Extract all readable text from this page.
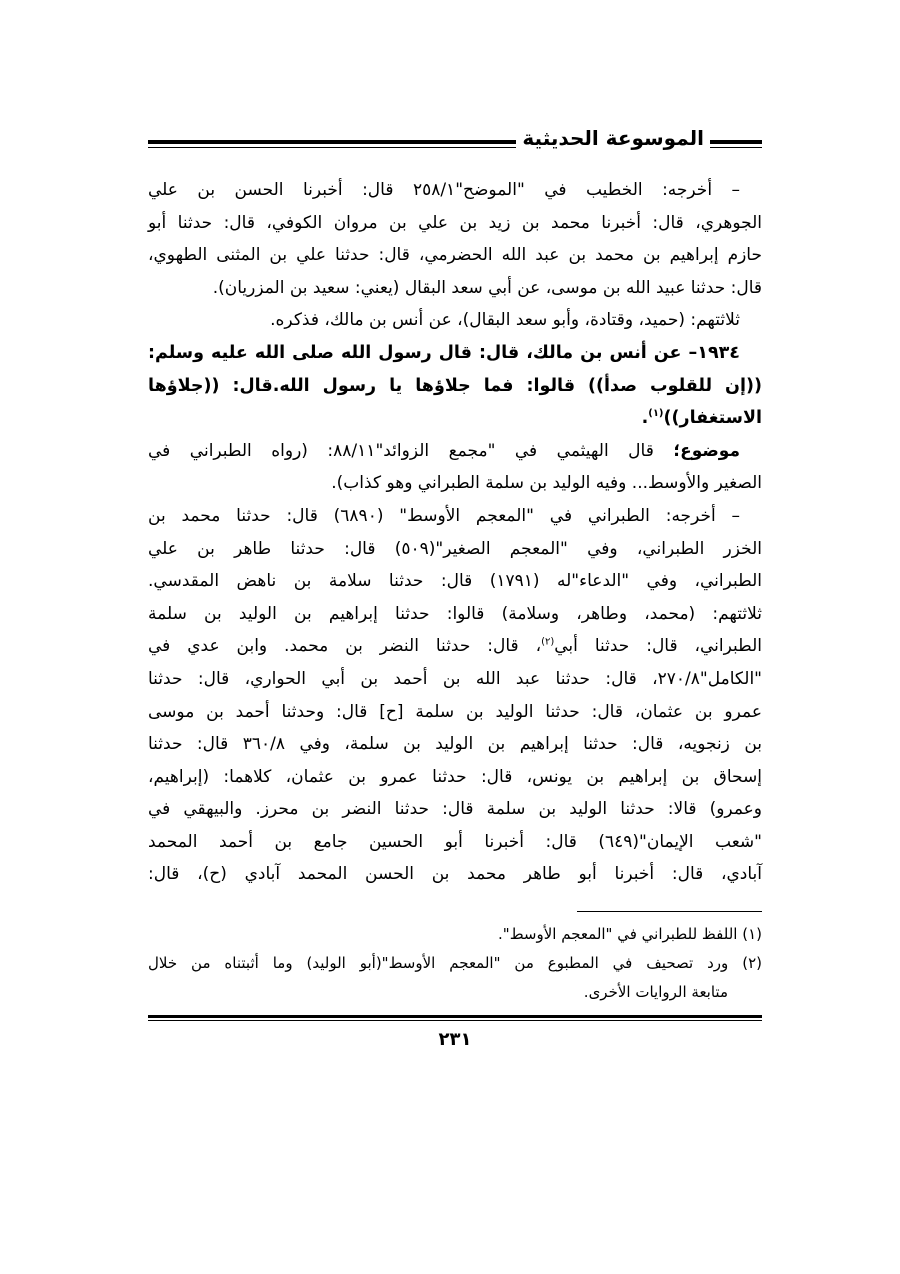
الموسوعة الحديثية
– أخرجه: الخطيب في "الموضح"٢٥٨/١ قال: أخبرنا الحسن بن علي
الجوهري، قال: أخبرنا محمد بن زيد بن علي بن مروان الكوفي، قال: حدثنا أبو
حازم إبراهيم بن محمد بن عبد الله الحضرمي، قال: حدثنا علي بن المثنى الطهوي،
قال: حدثنا عبيد الله بن موسى، عن أبي سعد البقال (يعني: سعيد بن المزريان).
ثلاثتهم: (حميد، وقتادة، وأبو سعد البقال)، عن أنس بن مالك، فذكره.
١٩٣٤– عن أنس بن مالك، قال: قال رسول الله صلى الله عليه وسلم:
((إن للقلوب صدأ)) قالوا: فما جلاؤها يا رسول الله.قال: ((جلاؤها
الاستغفار))$^{(١)}$.
موضوع؛ قال الهيثمي في "مجمع الزوائد"٨٨/١١: (رواه الطبراني في
الصغير والأوسط... وفيه الوليد بن سلمة الطبراني وهو كذاب).
– أخرجه: الطبراني في "المعجم الأوسط" (٦٨٩٠) قال: حدثنا محمد بن
الخزر الطبراني، وفي "المعجم الصغير"(٥٠٩) قال: حدثنا طاهر بن علي
الطبراني، وفي "الدعاء"له (١٧٩١) قال: حدثنا سلامة بن ناهض المقدسي.
ثلاثتهم: (محمد، وطاهر، وسلامة) قالوا: حدثنا إبراهيم بن الوليد بن سلمة
الطبراني، قال: حدثنا أبي$^{(٢)}$، قال: حدثنا النضر بن محمد. وابن عدي في
"الكامل"٢٧٠/٨، قال: حدثنا عبد الله بن أحمد بن أبي الحواري، قال: حدثنا
عمرو بن عثمان، قال: حدثنا الوليد بن سلمة [ح] قال: وحدثنا أحمد بن موسى
بن زنجويه، قال: حدثنا إبراهيم بن الوليد بن سلمة، وفي ٣٦٠/٨ قال: حدثنا
إسحاق بن إبراهيم بن يونس، قال: حدثنا عمرو بن عثمان، كلاهما: (إبراهيم،
وعمرو) قالا: حدثنا الوليد بن سلمة قال: حدثنا النضر بن محرز. والبيهقي في
"شعب الإيمان"(٦٤٩) قال: أخبرنا أبو الحسين جامع بن أحمد المحمد
آبادي، قال: أخبرنا أبو طاهر محمد بن الحسن المحمد آبادي (ح)، قال:
(١) اللفظ للطبراني في "المعجم الأوسط".
(٢) ورد تصحيف في المطبوع من "المعجم الأوسط"(أبو الوليد) وما أثبتناه من خلال
متابعة الروايات الأخرى.
٢٣١
